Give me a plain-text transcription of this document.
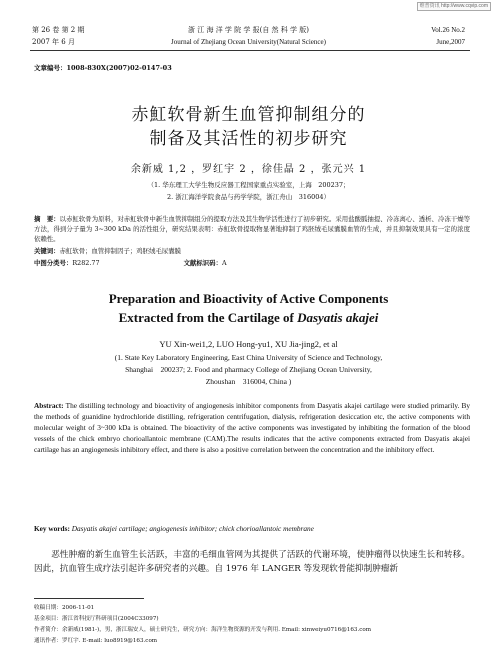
维普资讯 http://www.cqvip.com
第 26 卷 第 2 期
2007 年 6 月
浙 江 海 洋 学 院 学 报(自 然 科 学 版)
Journal of Zhejiang Ocean University(Natural Science)
Vol.26 No.2
June,2007
文章编号：1008-830X(2007)02-0147-03
赤魟软骨新生血管抑制组分的
制备及其活性的初步研究
余新威 1,2 ，罗红宇 2 ，徐佳晶 2 ，张元兴 1
（1. 华东理工大学生物反应器工程国家重点实验室，上海　200237；
2. 浙江海洋学院食品与药学学院，浙江舟山　316004）
摘　要：以赤魟软骨为原料，对赤魟软骨中新生血管抑制组分的提取方法及其生物学活性进行了初步研究。采用盐酸胍抽提、冷冻离心、透析、冷冻干燥等方法，得到分子量为 3~300 kDa 的活性组分，研究结果表明：赤魟软骨提取物显著地抑制了鸡胚绒毛尿囊膜血管的生成，并且抑制效果具有一定的浓度依赖性。
关键词：赤魟软骨；血管抑制因子；鸡胚绒毛尿囊膜
中图分类号：R282.77	文献标识码：A
Preparation and Bioactivity of Active Components
Extracted from the Cartilage of Dasyatis akajei
YU Xin-wei1,2, LUO Hong-yu1, XU Jia-jing2, et al
(1. State Key Laboratory Engineering, East China University of Science and Technology,
Shanghai　200237; 2. Food and pharmacy College of Zhejiang Ocean University,
Zhoushan　316004, China )
Abstract: The distilling technology and bioactivity of angiogenesis inhibitor components from Dasyatis akajei cartilage were studied primarily. By the methods of guanidine hydrochloride distilling, refrigeration centrifugation, dialysis, refrigeration desiccation etc, the active components with molecular weight of 3~300 kDa is obtained. The bioactivity of the active components was investigated by inhibiting the formation of the blood vessels of the chick embryo chorioallantoic membrane (CAM).The results indicates that the active components extracted from Dasyatis akajei cartilage has an angiogenesis inhibitory effect, and there is also a positive correlation between the concentration and the inhibitory effect.
Key words: Dasyatis akajei cartilage; angiogenesis inhibitor; chick chorioallantoic membrane
恶性肿瘤的新生血管生长活跃，丰富的毛细血管网为其提供了活跃的代谢环境，使肿瘤得以快速生长和转移。因此，抗血管生成疗法引起许多研究者的兴趣。自 1976 年 LANGER 等发现软骨能抑制肿瘤新
收稿日期：2006-11-01
基金项目：浙江省科技厅科研项目(2004C33097)
作者简介：余新威(1981-)，男，浙江瑞安人，硕士研究生，研究方向：海洋生物资源的开发与利用. Email: xinweiyu0716@163.com
通讯作者：罗红宇. E-mail: luo8919@163.com
